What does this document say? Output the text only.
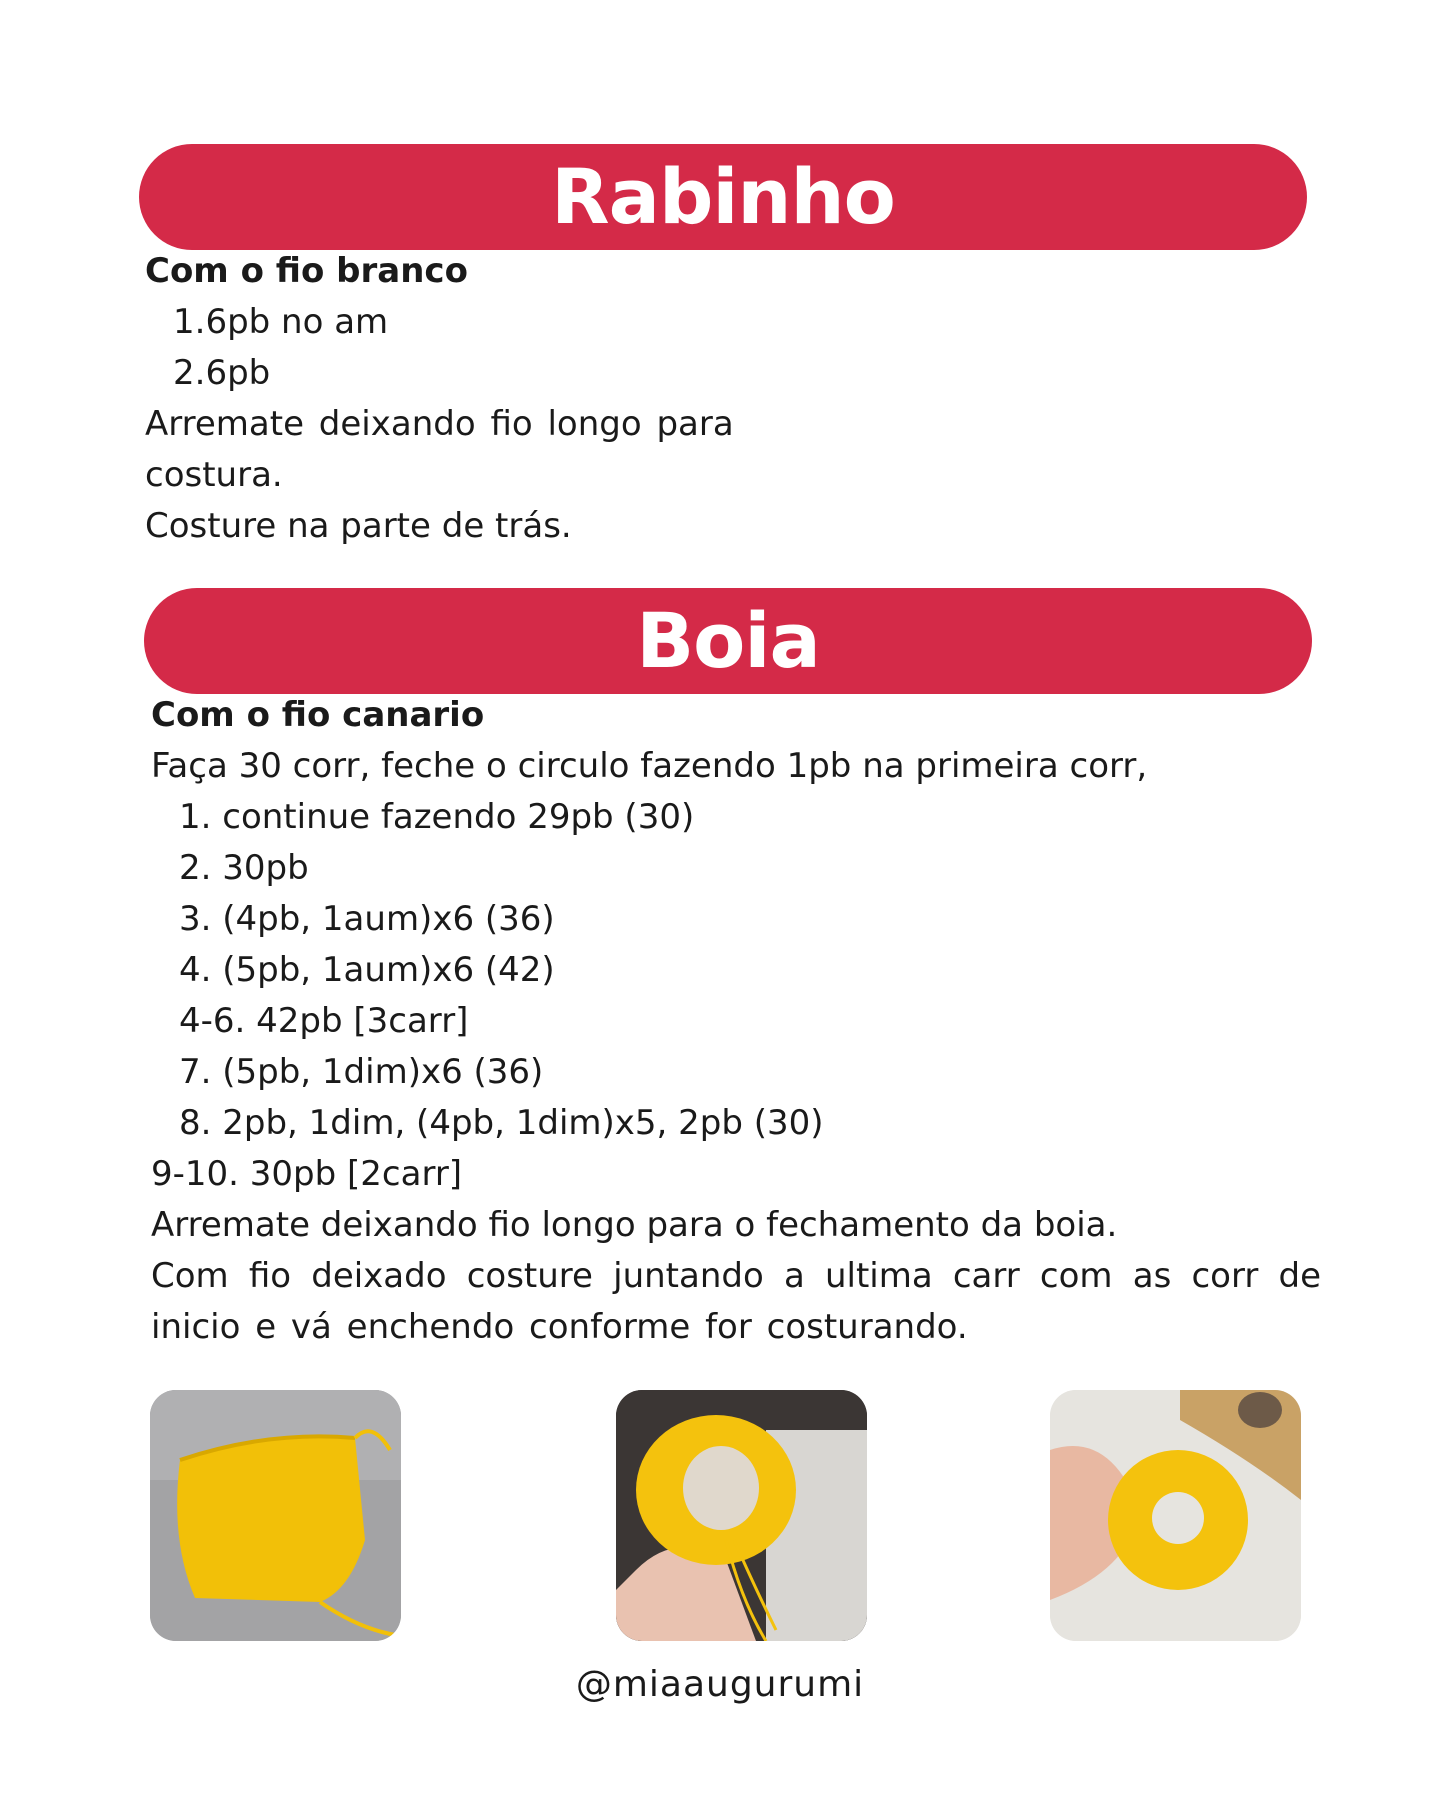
Rabinho

Com o fio branco

1.6pb no am

2.6pb

Arremate deixando fio longo para

costura.

Costure na parte de trás.

Boia

Com o fio canario

Faça 30 corr, feche o circulo fazendo 1pb na primeira corr,

1. continue fazendo 29pb (30)

2. 30pb

3. (4pb, 1aum)x6 (36)

4. (5pb, 1aum)x6 (42)

4-6. 42pb [3carr]

7. (5pb, 1dim)x6 (36)

8. 2pb, 1dim, (4pb, 1dim)x5, 2pb (30)

9-10. 30pb [2carr]

Arremate deixando fio longo para o fechamento da boia.

Com fio deixado costure juntando a ultima carr com as corr de inicio e vá enchendo conforme for costurando.

@miaaugurumi
